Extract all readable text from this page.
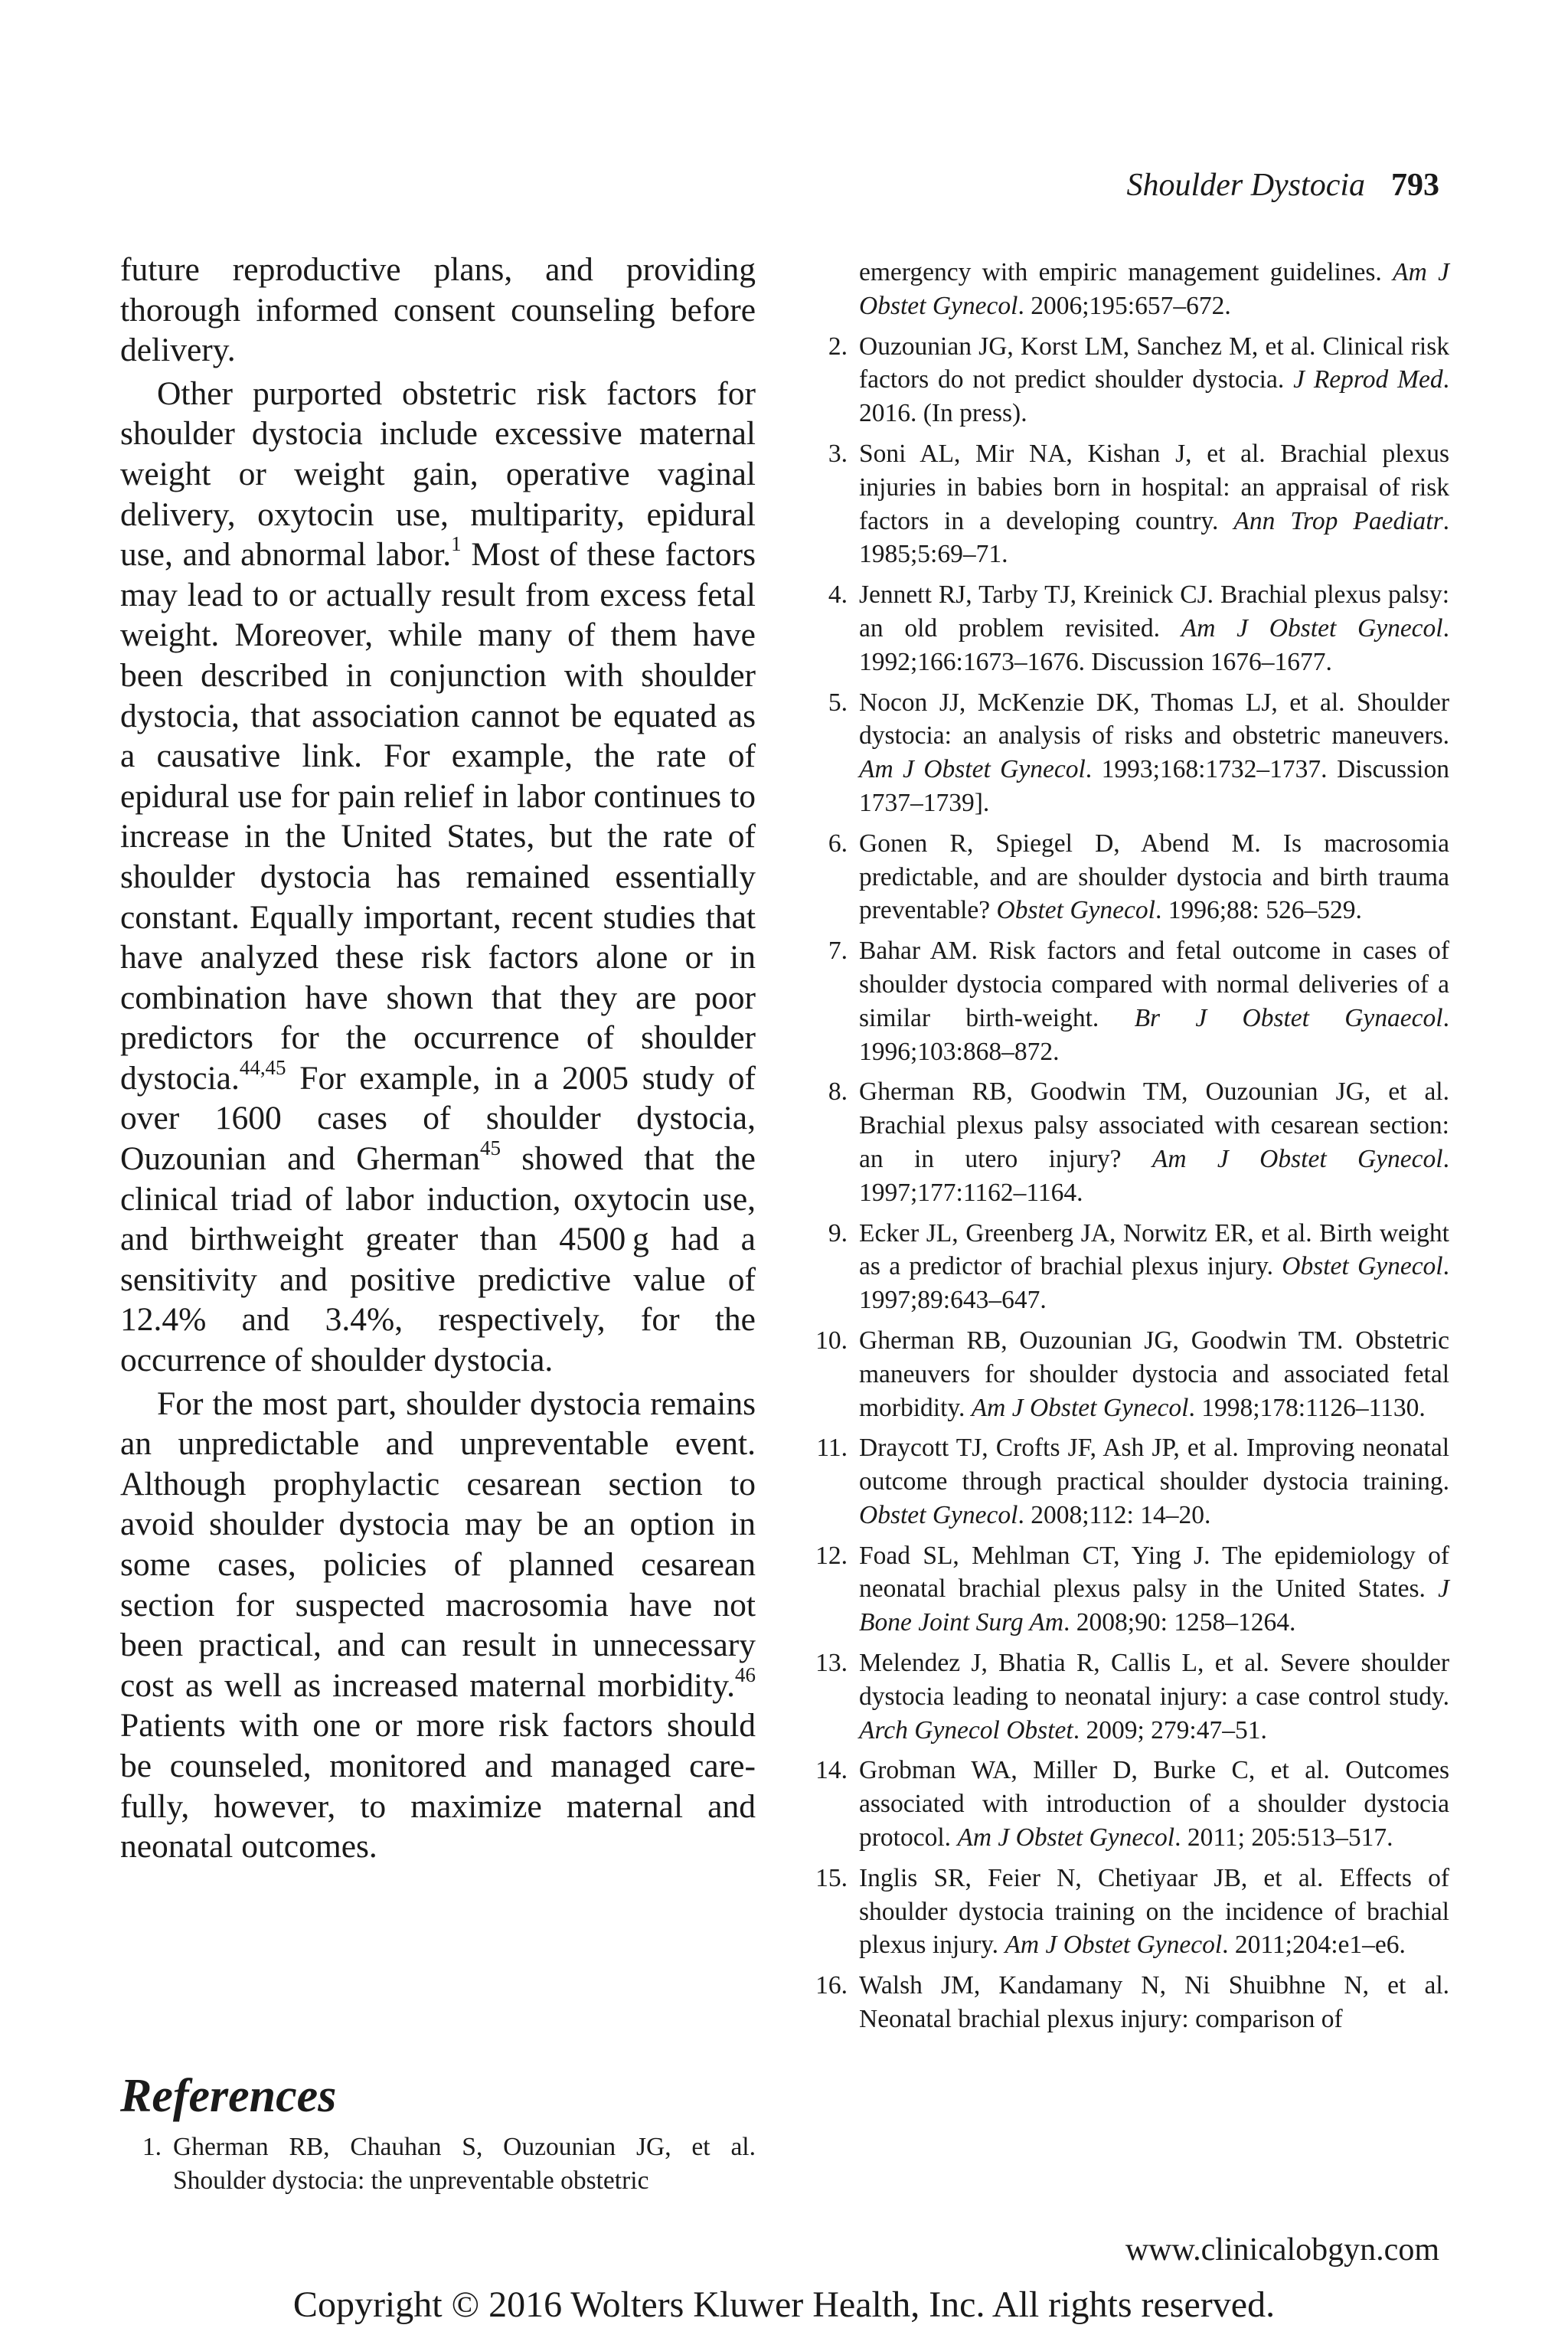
Shoulder Dystocia 793

future reproductive plans, and providing thorough informed consent counseling before delivery.

Other purported obstetric risk factors for shoulder dystocia include excessive maternal weight or weight gain, operative vaginal delivery, oxytocin use, multiparity, epidural use, and abnormal labor.$^1$ Most of these factors may lead to or actually result from excess fetal weight. Moreover, while many of them have been described in conjunction with shoulder dystocia, that association cannot be equated as a causative link. For example, the rate of epidural use for pain relief in labor continues to increase in the United States, but the rate of shoulder dystocia has remained essentially constant. Equally important, recent studies that have analyzed these risk factors alone or in combination have shown that they are poor predictors for the occurrence of shoulder dystocia.$^{44,45}$ For example, in a 2005 study of over 1600 cases of shoulder dystocia, Ouzounian and Gherman$^{45}$ showed that the clinical triad of labor induction, oxytocin use, and birthweight greater than 4500 g had a sensitivity and positive predictive value of 12.4% and 3.4%, respectively, for the occurrence of shoulder dystocia.

For the most part, shoulder dystocia remains an unpredictable and unpreventable event. Although prophylactic cesarean section to avoid shoulder dystocia may be an option in some cases, policies of planned cesarean section for suspected macrosomia have not been practical, and can result in unnecessary cost as well as increased maternal morbidity.$^{46}$ Patients with one or more risk factors should be counseled, monitored and managed carefully, however, to maximize maternal and neonatal outcomes.

References
1. Gherman RB, Chauhan S, Ouzounian JG, et al. Shoulder dystocia: the unpreventable obstetric
emergency with empiric management guidelines. Am J Obstet Gynecol. 2006;195:657–672.
2. Ouzounian JG, Korst LM, Sanchez M, et al. Clinical risk factors do not predict shoulder dystocia. J Reprod Med. 2016. (In press).
3. Soni AL, Mir NA, Kishan J, et al. Brachial plexus injuries in babies born in hospital: an appraisal of risk factors in a developing country. Ann Trop Paediatr. 1985;5:69–71.
4. Jennett RJ, Tarby TJ, Kreinick CJ. Brachial plexus palsy: an old problem revisited. Am J Obstet Gynecol. 1992;166:1673–1676. Discussion 1676–1677.
5. Nocon JJ, McKenzie DK, Thomas LJ, et al. Shoulder dystocia: an analysis of risks and obstetric maneuvers. Am J Obstet Gynecol. 1993;168:1732–1737. Discussion 1737–1739].
6. Gonen R, Spiegel D, Abend M. Is macrosomia predictable, and are shoulder dystocia and birth trauma preventable? Obstet Gynecol. 1996;88: 526–529.
7. Bahar AM. Risk factors and fetal outcome in cases of shoulder dystocia compared with normal deliveries of a similar birth-weight. Br J Obstet Gynaecol. 1996;103:868–872.
8. Gherman RB, Goodwin TM, Ouzounian JG, et al. Brachial plexus palsy associated with cesarean section: an in utero injury? Am J Obstet Gynecol. 1997;177:1162–1164.
9. Ecker JL, Greenberg JA, Norwitz ER, et al. Birth weight as a predictor of brachial plexus injury. Obstet Gynecol. 1997;89:643–647.
10. Gherman RB, Ouzounian JG, Goodwin TM. Obstetric maneuvers for shoulder dystocia and associated fetal morbidity. Am J Obstet Gynecol. 1998;178:1126–1130.
11. Draycott TJ, Crofts JF, Ash JP, et al. Improving neonatal outcome through practical shoulder dystocia training. Obstet Gynecol. 2008;112: 14–20.
12. Foad SL, Mehlman CT, Ying J. The epidemiology of neonatal brachial plexus palsy in the United States. J Bone Joint Surg Am. 2008;90: 1258–1264.
13. Melendez J, Bhatia R, Callis L, et al. Severe shoulder dystocia leading to neonatal injury: a case control study. Arch Gynecol Obstet. 2009; 279:47–51.
14. Grobman WA, Miller D, Burke C, et al. Outcomes associated with introduction of a shoulder dystocia protocol. Am J Obstet Gynecol. 2011; 205:513–517.
15. Inglis SR, Feier N, Chetiyaar JB, et al. Effects of shoulder dystocia training on the incidence of brachial plexus injury. Am J Obstet Gynecol. 2011;204:e1–e6.
16. Walsh JM, Kandamany N, Ni Shuibhne N, et al. Neonatal brachial plexus injury: comparison of
www.clinicalobgyn.com
Copyright © 2016 Wolters Kluwer Health, Inc. All rights reserved.
